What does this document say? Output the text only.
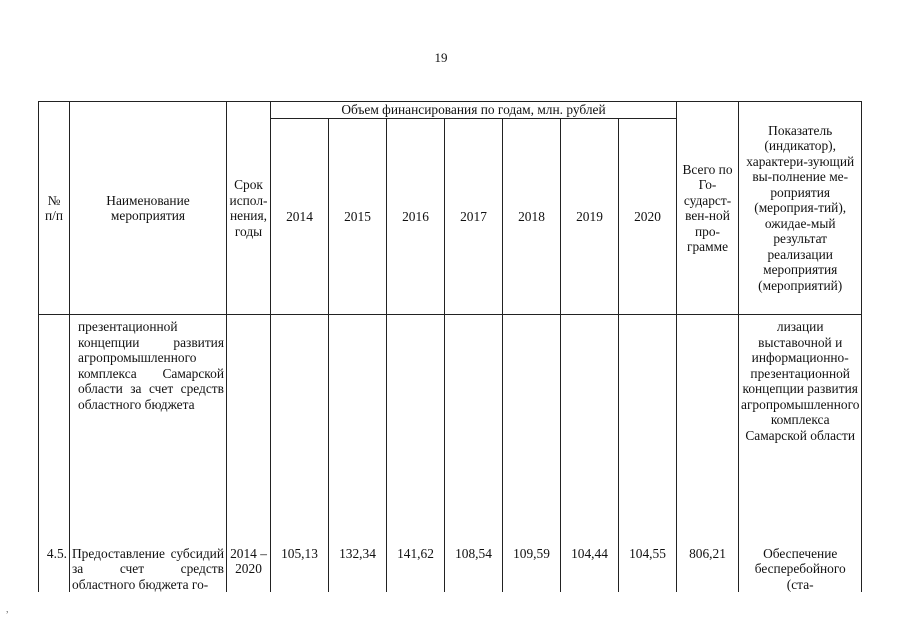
19
№ п/п	Наименование мероприятия	Срок испол-нения, годы	Объем финансирования по годам, млн. рублей							Всего по Го-сударст-вен-ной про-грамме	Показатель (индикатор), характери-зующий вы-полнение ме-роприятия (мероприя-тий), ожидае-мый результат реализации мероприятия (мероприятий)
			2014	2015	2016	2017	2018	2019	2020		
	презентационной концепции развития агропромышленного комплекса Самарской области за счет средств областного бюджета										лизации выставочной и информационно-презентационной концепции развития агропромышленного комплекса Самарской области
4.5.	Предоставление субсидий за счет средств областного бюджета го-	2014 – 2020	105,13	132,34	141,62	108,54	109,59	104,44	104,55	806,21	Обеспечение бесперебойного (ста-
,
